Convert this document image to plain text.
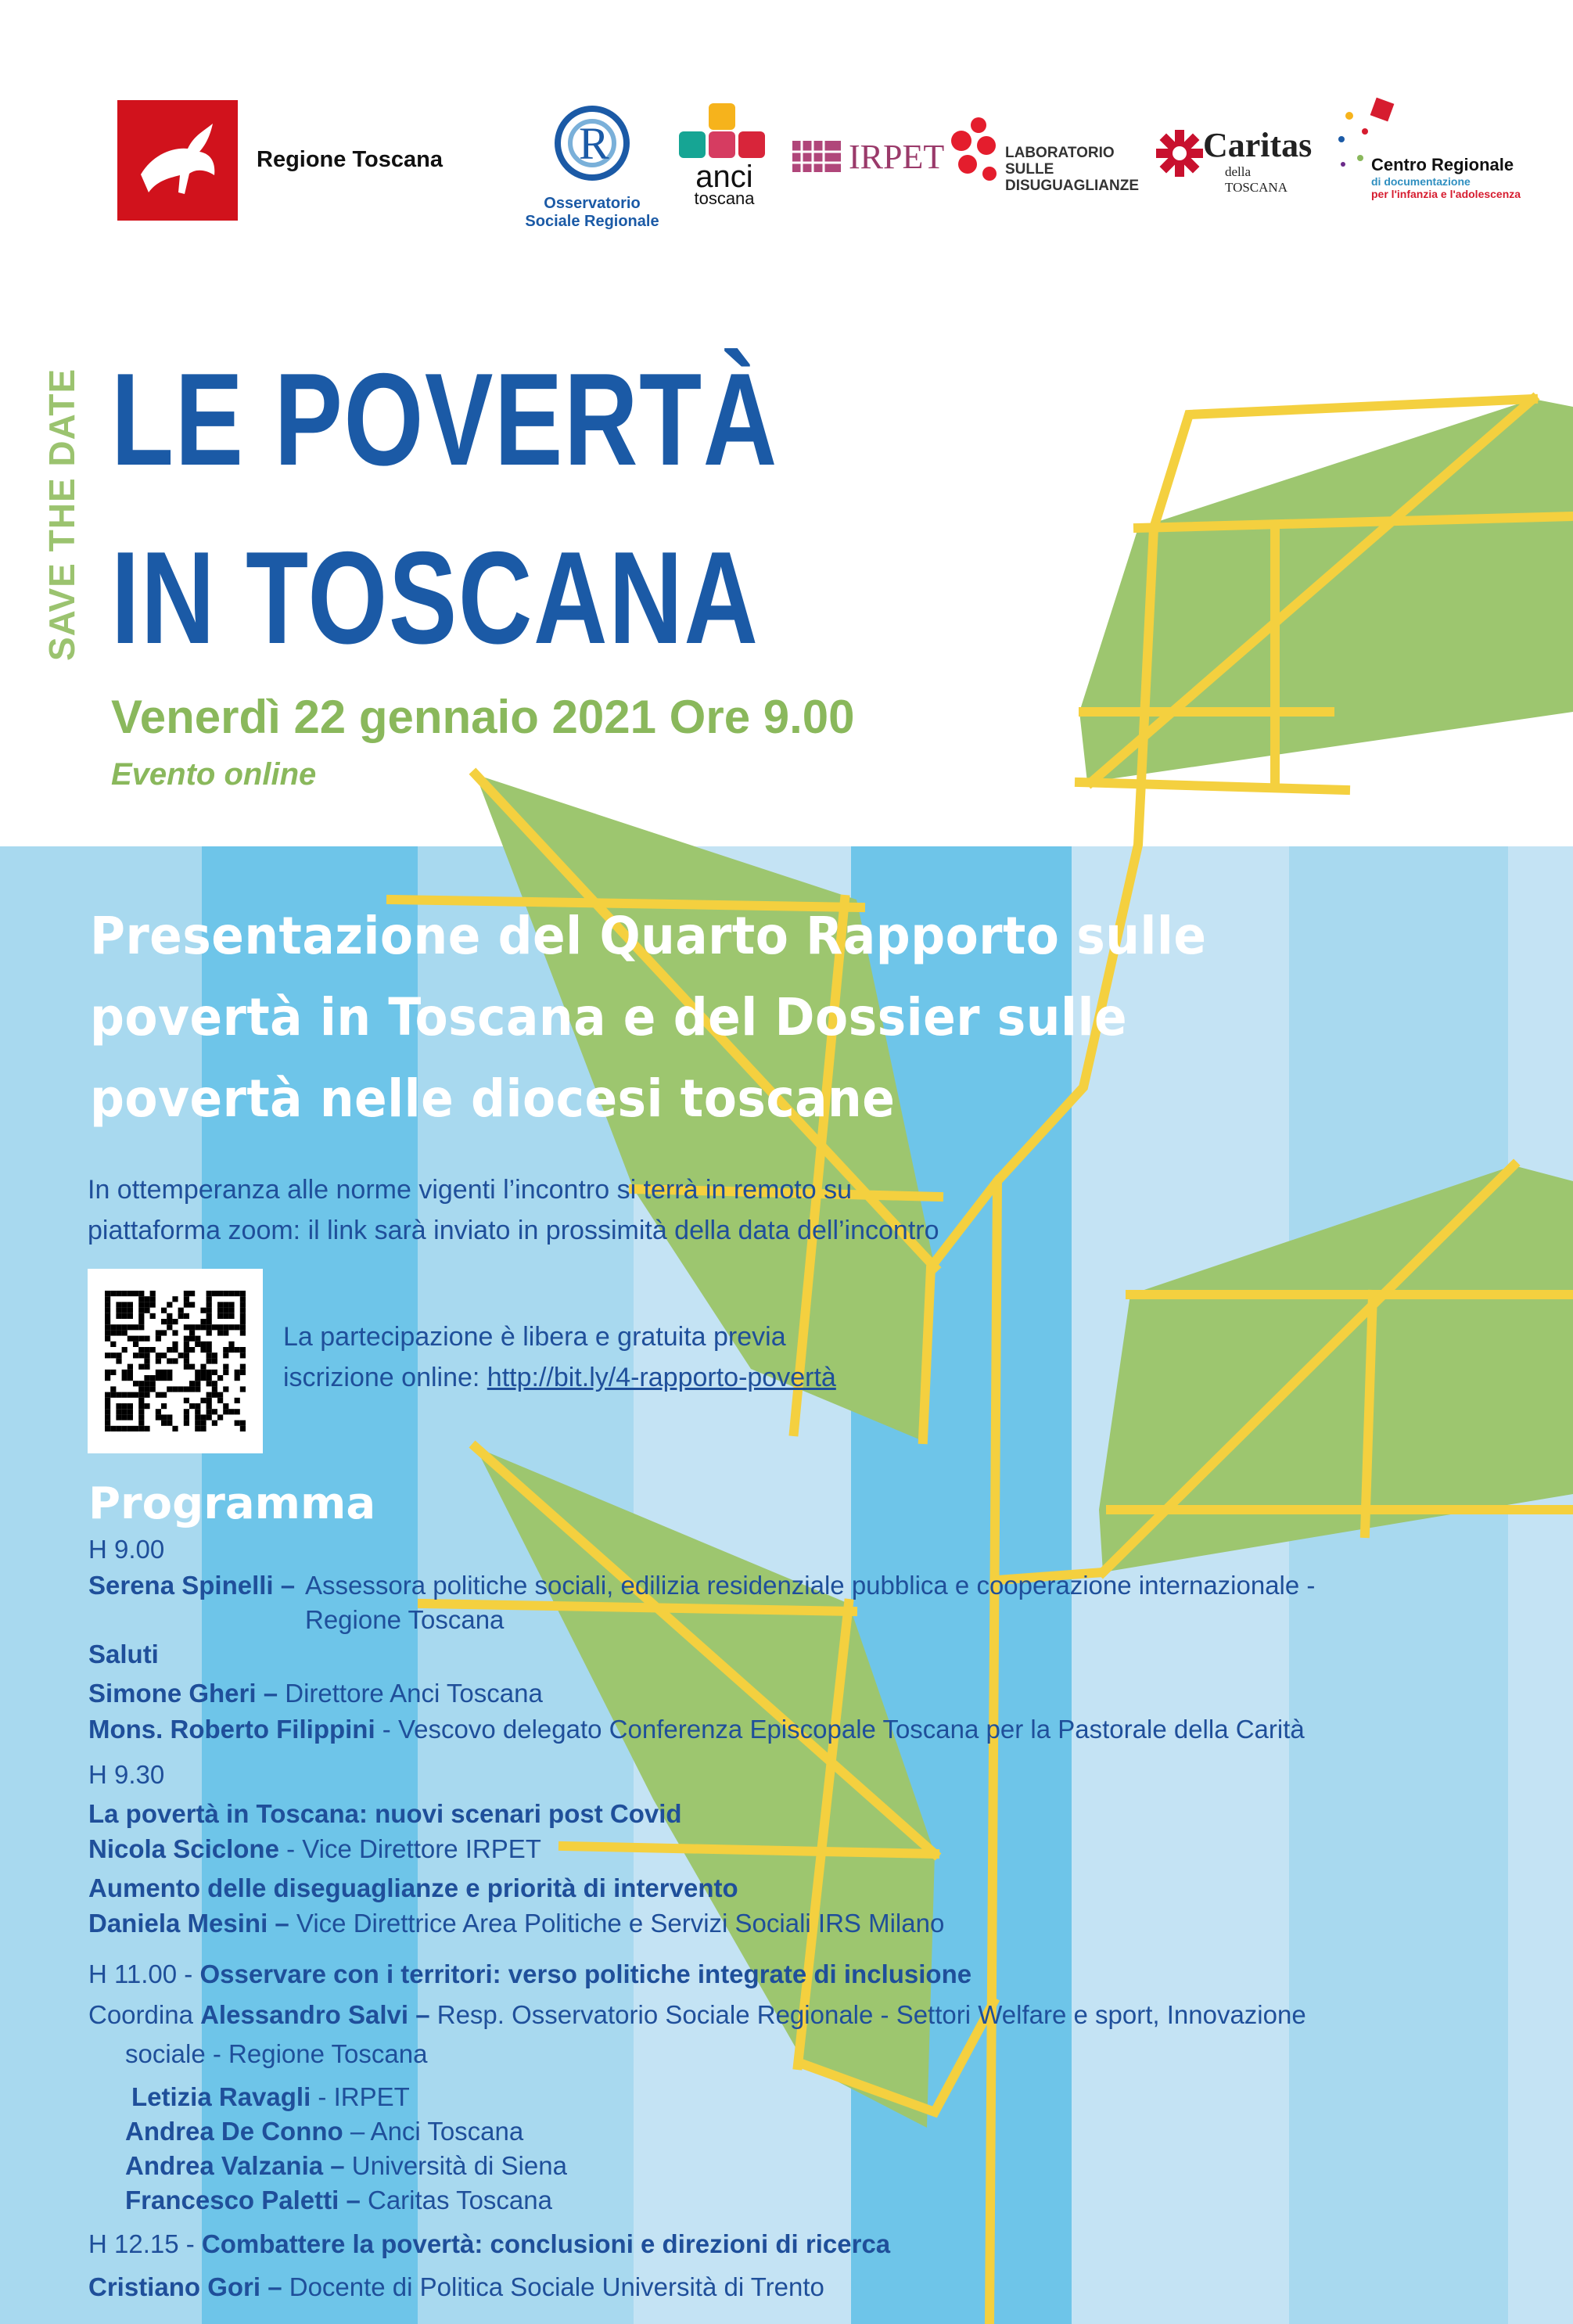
Regione Toscana	R
Osservatorio
Sociale Regionale
anci
toscana
IRPET	LABORATORIO
SULLE
DISUGUAGLIANZE
Caritas
della TOSCANA
Centro Regionale
di documentazione
per l'infanzia e l'adolescenza
SAVE THE DATE LE POVERTÀ
IN TOSCANA
Venerdì 22 gennaio 2021 Ore 9.00
Evento online
Presentazione del Quarto Rapporto sulle
povertà in Toscana e del Dossier sulle
povertà nelle diocesi toscane
In ottemperanza alle norme vigenti l’incontro si terrà in remoto su
piattaforma zoom: il link sarà inviato in prossimità della data dell’incontro
La partecipazione è libera e gratuita previa
iscrizione online: http://bit.ly/4-rapporto-povertà
Programma
H 9.00
Serena Spinelli – Assessora politiche sociali, edilizia residenziale pubblica e cooperazione internazionale -
Regione Toscana
Saluti
Simone Gheri – Direttore Anci Toscana
Mons. Roberto Filippini - Vescovo delegato Conferenza Episcopale Toscana per la Pastorale della Carità
H 9.30
La povertà in Toscana: nuovi scenari post Covid
Nicola Sciclone - Vice Direttore IRPET
Aumento delle diseguaglianze e priorità di intervento
Daniela Mesini – Vice Direttrice Area Politiche e Servizi Sociali IRS Milano
H 11.00 - Osservare con i territori: verso politiche integrate di inclusione
Coordina Alessandro Salvi – Resp. Osservatorio Sociale Regionale - Settori Welfare e sport, Innovazione
sociale - Regione Toscana
Letizia Ravagli - IRPET
Andrea De Conno – Anci Toscana
Andrea Valzania – Università di Siena
Francesco Paletti – Caritas Toscana
H 12.15 - Combattere la povertà: conclusioni e direzioni di ricerca
Cristiano Gori – Docente di Politica Sociale Università di Trento
